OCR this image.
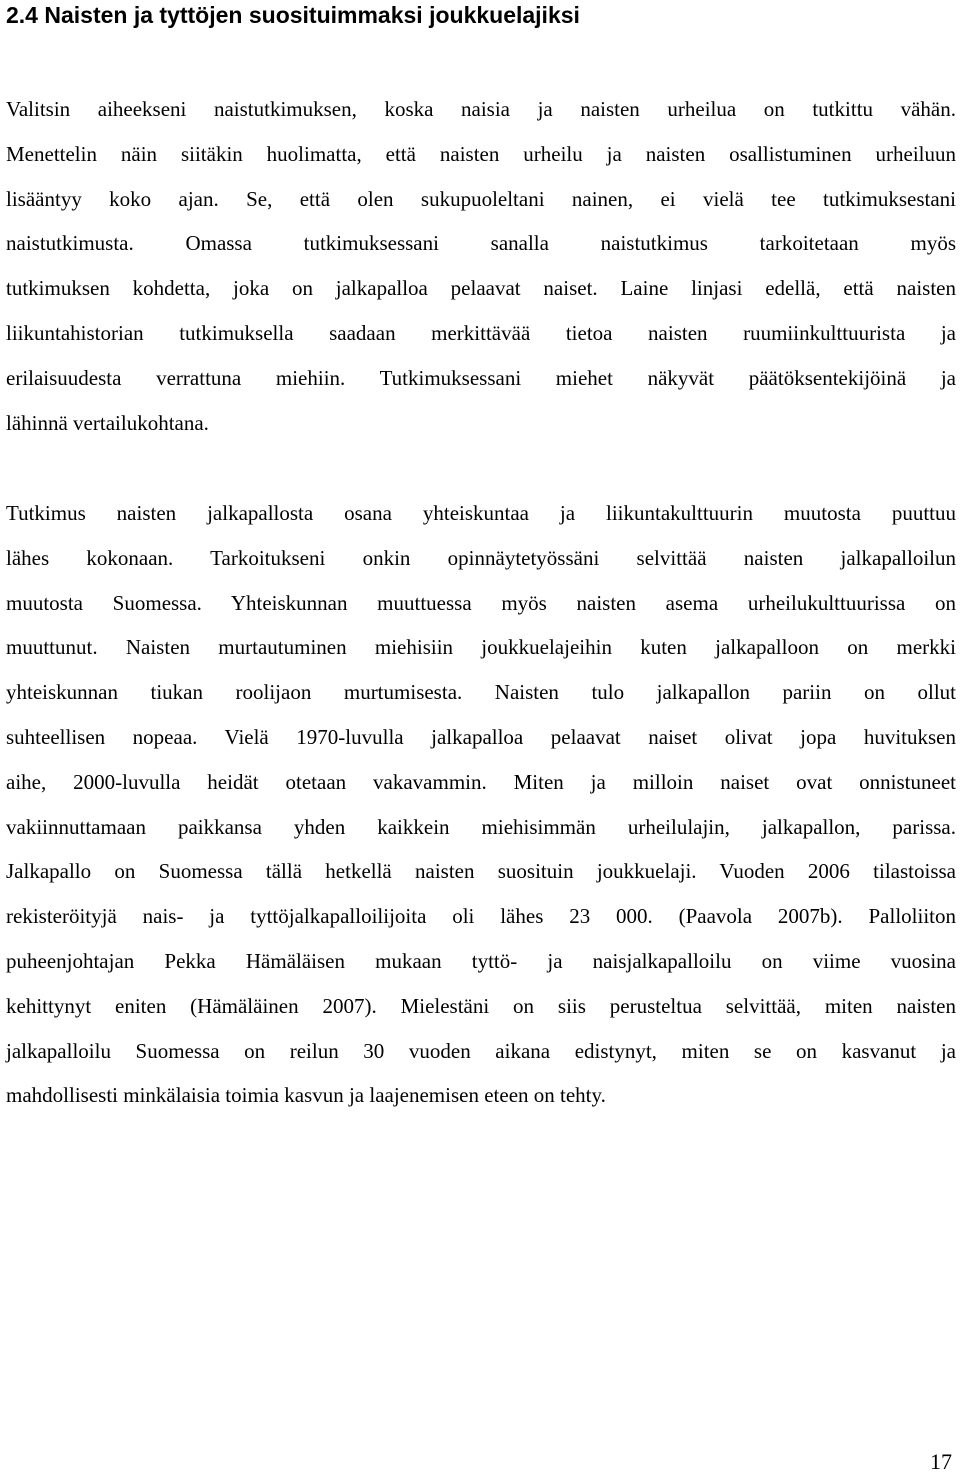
2.4 Naisten ja tyttöjen suosituimmaksi joukkuelajiksi
Valitsin aiheekseni naistutkimuksen, koska naisia ja naisten urheilua on tutkittu vähän.
Menettelin näin siitäkin huolimatta, että naisten urheilu ja naisten osallistuminen urheiluun
lisääntyy koko ajan. Se, että olen sukupuoleltani nainen, ei vielä tee tutkimuksestani
naistutkimusta. Omassa tutkimuksessani sanalla naistutkimus tarkoitetaan myös
tutkimuksen kohdetta, joka on jalkapalloa pelaavat naiset. Laine linjasi edellä, että naisten
liikuntahistorian tutkimuksella saadaan merkittävää tietoa naisten ruumiinkulttuurista ja
erilaisuudesta verrattuna miehiin. Tutkimuksessani miehet näkyvät päätöksentekijöinä ja
lähinnä vertailukohtana.
Tutkimus naisten jalkapallosta osana yhteiskuntaa ja liikuntakulttuurin muutosta puuttuu
lähes kokonaan. Tarkoitukseni onkin opinnäytetyössäni selvittää naisten jalkapalloilun
muutosta Suomessa. Yhteiskunnan muuttuessa myös naisten asema urheilukulttuurissa on
muuttunut. Naisten murtautuminen miehisiin joukkuelajeihin kuten jalkapalloon on merkki
yhteiskunnan tiukan roolijaon murtumisesta. Naisten tulo jalkapallon pariin on ollut
suhteellisen nopeaa. Vielä 1970-luvulla jalkapalloa pelaavat naiset olivat jopa huvituksen
aihe, 2000-luvulla heidät otetaan vakavammin. Miten ja milloin naiset ovat onnistuneet
vakiinnuttamaan paikkansa yhden kaikkein miehisimmän urheilulajin, jalkapallon, parissa.
Jalkapallo on Suomessa tällä hetkellä naisten suosituin joukkuelaji. Vuoden 2006 tilastoissa
rekisteröityjä nais- ja tyttöjalkapalloilijoita oli lähes 23 000. (Paavola 2007b). Palloliiton
puheenjohtajan Pekka Hämäläisen mukaan tyttö- ja naisjalkapalloilu on viime vuosina
kehittynyt eniten (Hämäläinen 2007). Mielestäni on siis perusteltua selvittää, miten naisten
jalkapalloilu Suomessa on reilun 30 vuoden aikana edistynyt, miten se on kasvanut ja
mahdollisesti minkälaisia toimia kasvun ja laajenemisen eteen on tehty.
17
